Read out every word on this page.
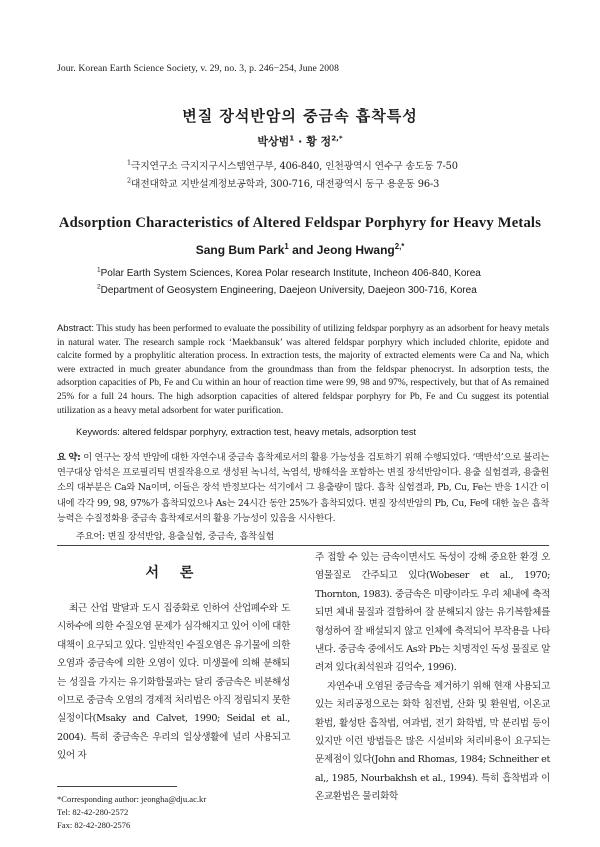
Jour. Korean Earth Science Society, v. 29, no. 3, p. 246−254, June 2008
변질 장석반암의 중금속 흡착특성
박상범$^1$ · 황 정$^{2,*}$
$^1$극지연구소 극지지구시스템연구부, 406-840, 인천광역시 연수구 송도동 7-50
$^2$대전대학교 지반설계정보공학과, 300-716, 대전광역시 동구 용운동 96-3
Adsorption Characteristics of Altered Feldspar Porphyry for Heavy Metals
Sang Bum Park$^1$ and Jeong Hwang$^{2,*}$
$^1$Polar Earth System Sciences, Korea Polar research Institute, Incheon 406-840, Korea
$^2$Department of Geosystem Engineering, Daejeon University, Daejeon 300-716, Korea
Abstract: This study has been performed to evaluate the possibility of utilizing feldspar porphyry as an adsorbent for heavy metals in natural water. The research sample rock ‘Maekbansuk’ was altered feldspar porphyry which included chlorite, epidote and calcite formed by a prophylitic alteration process. In extraction tests, the majority of extracted elements were Ca and Na, which were extracted in much greater abundance from the groundmass than from the feldspar phenocryst. In adsorption tests, the adsorption capacities of Pb, Fe and Cu within an hour of reaction time were 99, 98 and 97%, respectively, but that of As remained 25% for a full 24 hours. The high adsorption capacities of altered feldspar porphyry for Pb, Fe and Cu suggest its potential utilization as a heavy metal adsorbent for water purification.
Keywords: altered feldspar porphyry, extraction test, heavy metals, adsorption test
요 약: 이 연구는 장석 반암에 대한 자연수내 중금속 흡착제로서의 활용 가능성을 검토하기 위해 수행되었다. ‘맥반석’으로 불리는 연구대상 암석은 프로필리틱 변질작용으로 생성된 녹니석, 녹염석, 방해석을 포함하는 변질 장석반암이다. 용출 실험결과, 용출원소의 대부분은 Ca와 Na이며, 이들은 장석 반정보다는 석기에서 그 용출량이 많다. 흡착 실험결과, Pb, Cu, Fe는 반응 1시간 이내에 각각 99, 98, 97%가 흡착되었으나 As는 24시간 동안 25%가 흡착되었다. 변질 장석반암의 Pb, Cu, Fe에 대한 높은 흡착능력은 수질정화용 중금속 흡착제로서의 활용 가능성이 있음을 시사한다.
주요어: 변질 장석반암, 용출실험, 중금속, 흡착실험
서 론
최근 산업 발달과 도시 집중화로 인하여 산업폐수와 도시하수에 의한 수질오염 문제가 심각해지고 있어 이에 대한 대책이 요구되고 있다. 일반적인 수질오염은 유기물에 의한 오염과 중금속에 의한 오염이 있다. 미생물에 의해 분해되는 성질을 가지는 유기화합물과는 달리 중금속은 비분해성이므로 중금속 오염의 경제적 처리법은 아직 정립되지 못한 실정이다(Msaky and Calvet, 1990; Seidal et al., 2004). 특히 중금속은 우리의 일상생활에 널리 사용되고 있어 자

주 접할 수 있는 금속이면서도 독성이 강해 중요한 환경 오염물질로 간주되고 있다(Wobeser et al., 1970; Thornton, 1983). 중금속은 미량이라도 우리 체내에 축적되면 체내 물질과 결합하여 잘 분해되지 않는 유기복합체를 형성하여 잘 배설되지 않고 인체에 축적되어 부작용을 나타낸다. 중금속 중에서도 As와 Pb는 치명적인 독성 물질로 알려져 있다(최석원과 김억수, 1996).

자연수내 오염된 중금속을 제거하기 위해 현재 사용되고 있는 처리공정으로는 화학 침전법, 산화 및 환원법, 이온교환법, 활성탄 흡착법, 여과법, 전기 화학법, 막 분리법 등이 있지만 이런 방법들은 많은 시설비와 처리비용이 요구되는 문제점이 있다(John and Rhomas, 1984; Schneither et al,, 1985, Nourbakhsh et al., 1994). 특히 흡착법과 이온교환법은 물리화학

*Corresponding author: jeongha@dju.ac.kr
Tel: 82-42-280-2572
Fax: 82-42-280-2576
